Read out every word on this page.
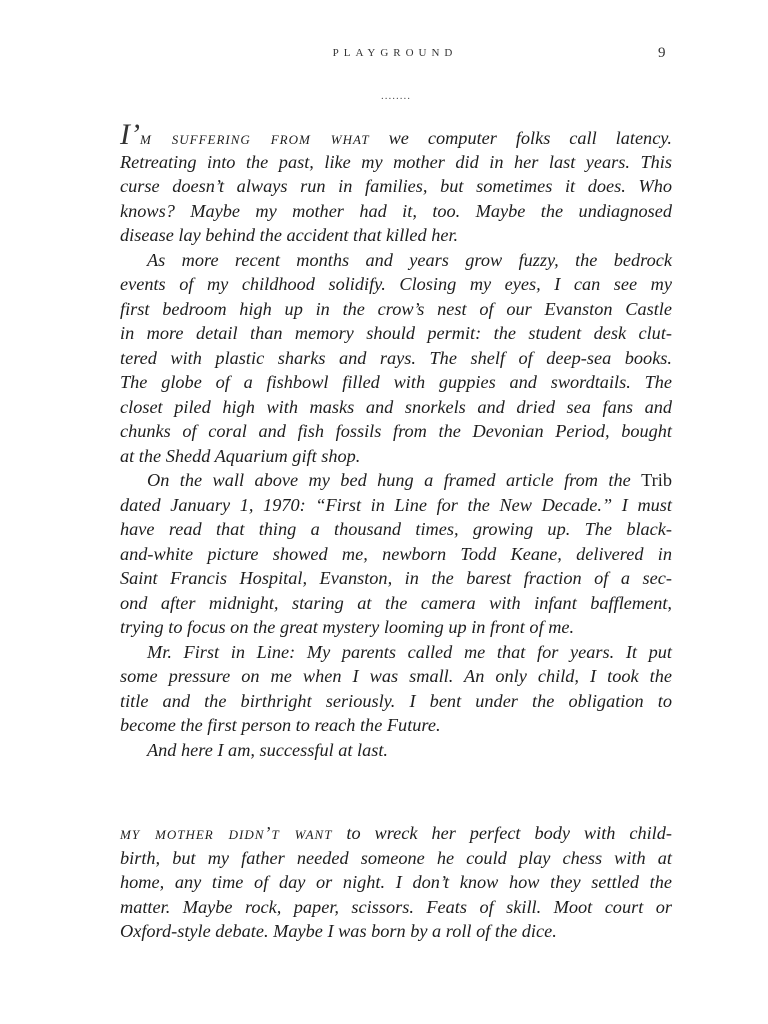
PLAYGROUND	9
........
I’m suffering from what we computer folks call latency.
Retreating into the past, like my mother did in her last years. This
curse doesn’t always run in families, but sometimes it does. Who
knows? Maybe my mother had it, too. Maybe the undiagnosed
disease lay behind the accident that killed her.
As more recent months and years grow fuzzy, the bedrock
events of my childhood solidify. Closing my eyes, I can see my
first bedroom high up in the crow’s nest of our Evanston Castle
in more detail than memory should permit: the student desk clut-
tered with plastic sharks and rays. The shelf of deep-sea books.
The globe of a fishbowl filled with guppies and swordtails. The
closet piled high with masks and snorkels and dried sea fans and
chunks of coral and fish fossils from the Devonian Period, bought
at the Shedd Aquarium gift shop.
On the wall above my bed hung a framed article from the Trib
dated January 1, 1970: “First in Line for the New Decade.” I must
have read that thing a thousand times, growing up. The black-
and-white picture showed me, newborn Todd Keane, delivered in
Saint Francis Hospital, Evanston, in the barest fraction of a sec-
ond after midnight, staring at the camera with infant bafflement,
trying to focus on the great mystery looming up in front of me.
Mr. First in Line: My parents called me that for years. It put
some pressure on me when I was small. An only child, I took the
title and the birthright seriously. I bent under the obligation to
become the first person to reach the Future.
And here I am, successful at last.
my mother didn’t want to wreck her perfect body with child-
birth, but my father needed someone he could play chess with at
home, any time of day or night. I don’t know how they settled the
matter. Maybe rock, paper, scissors. Feats of skill. Moot court or
Oxford-style debate. Maybe I was born by a roll of the dice.
